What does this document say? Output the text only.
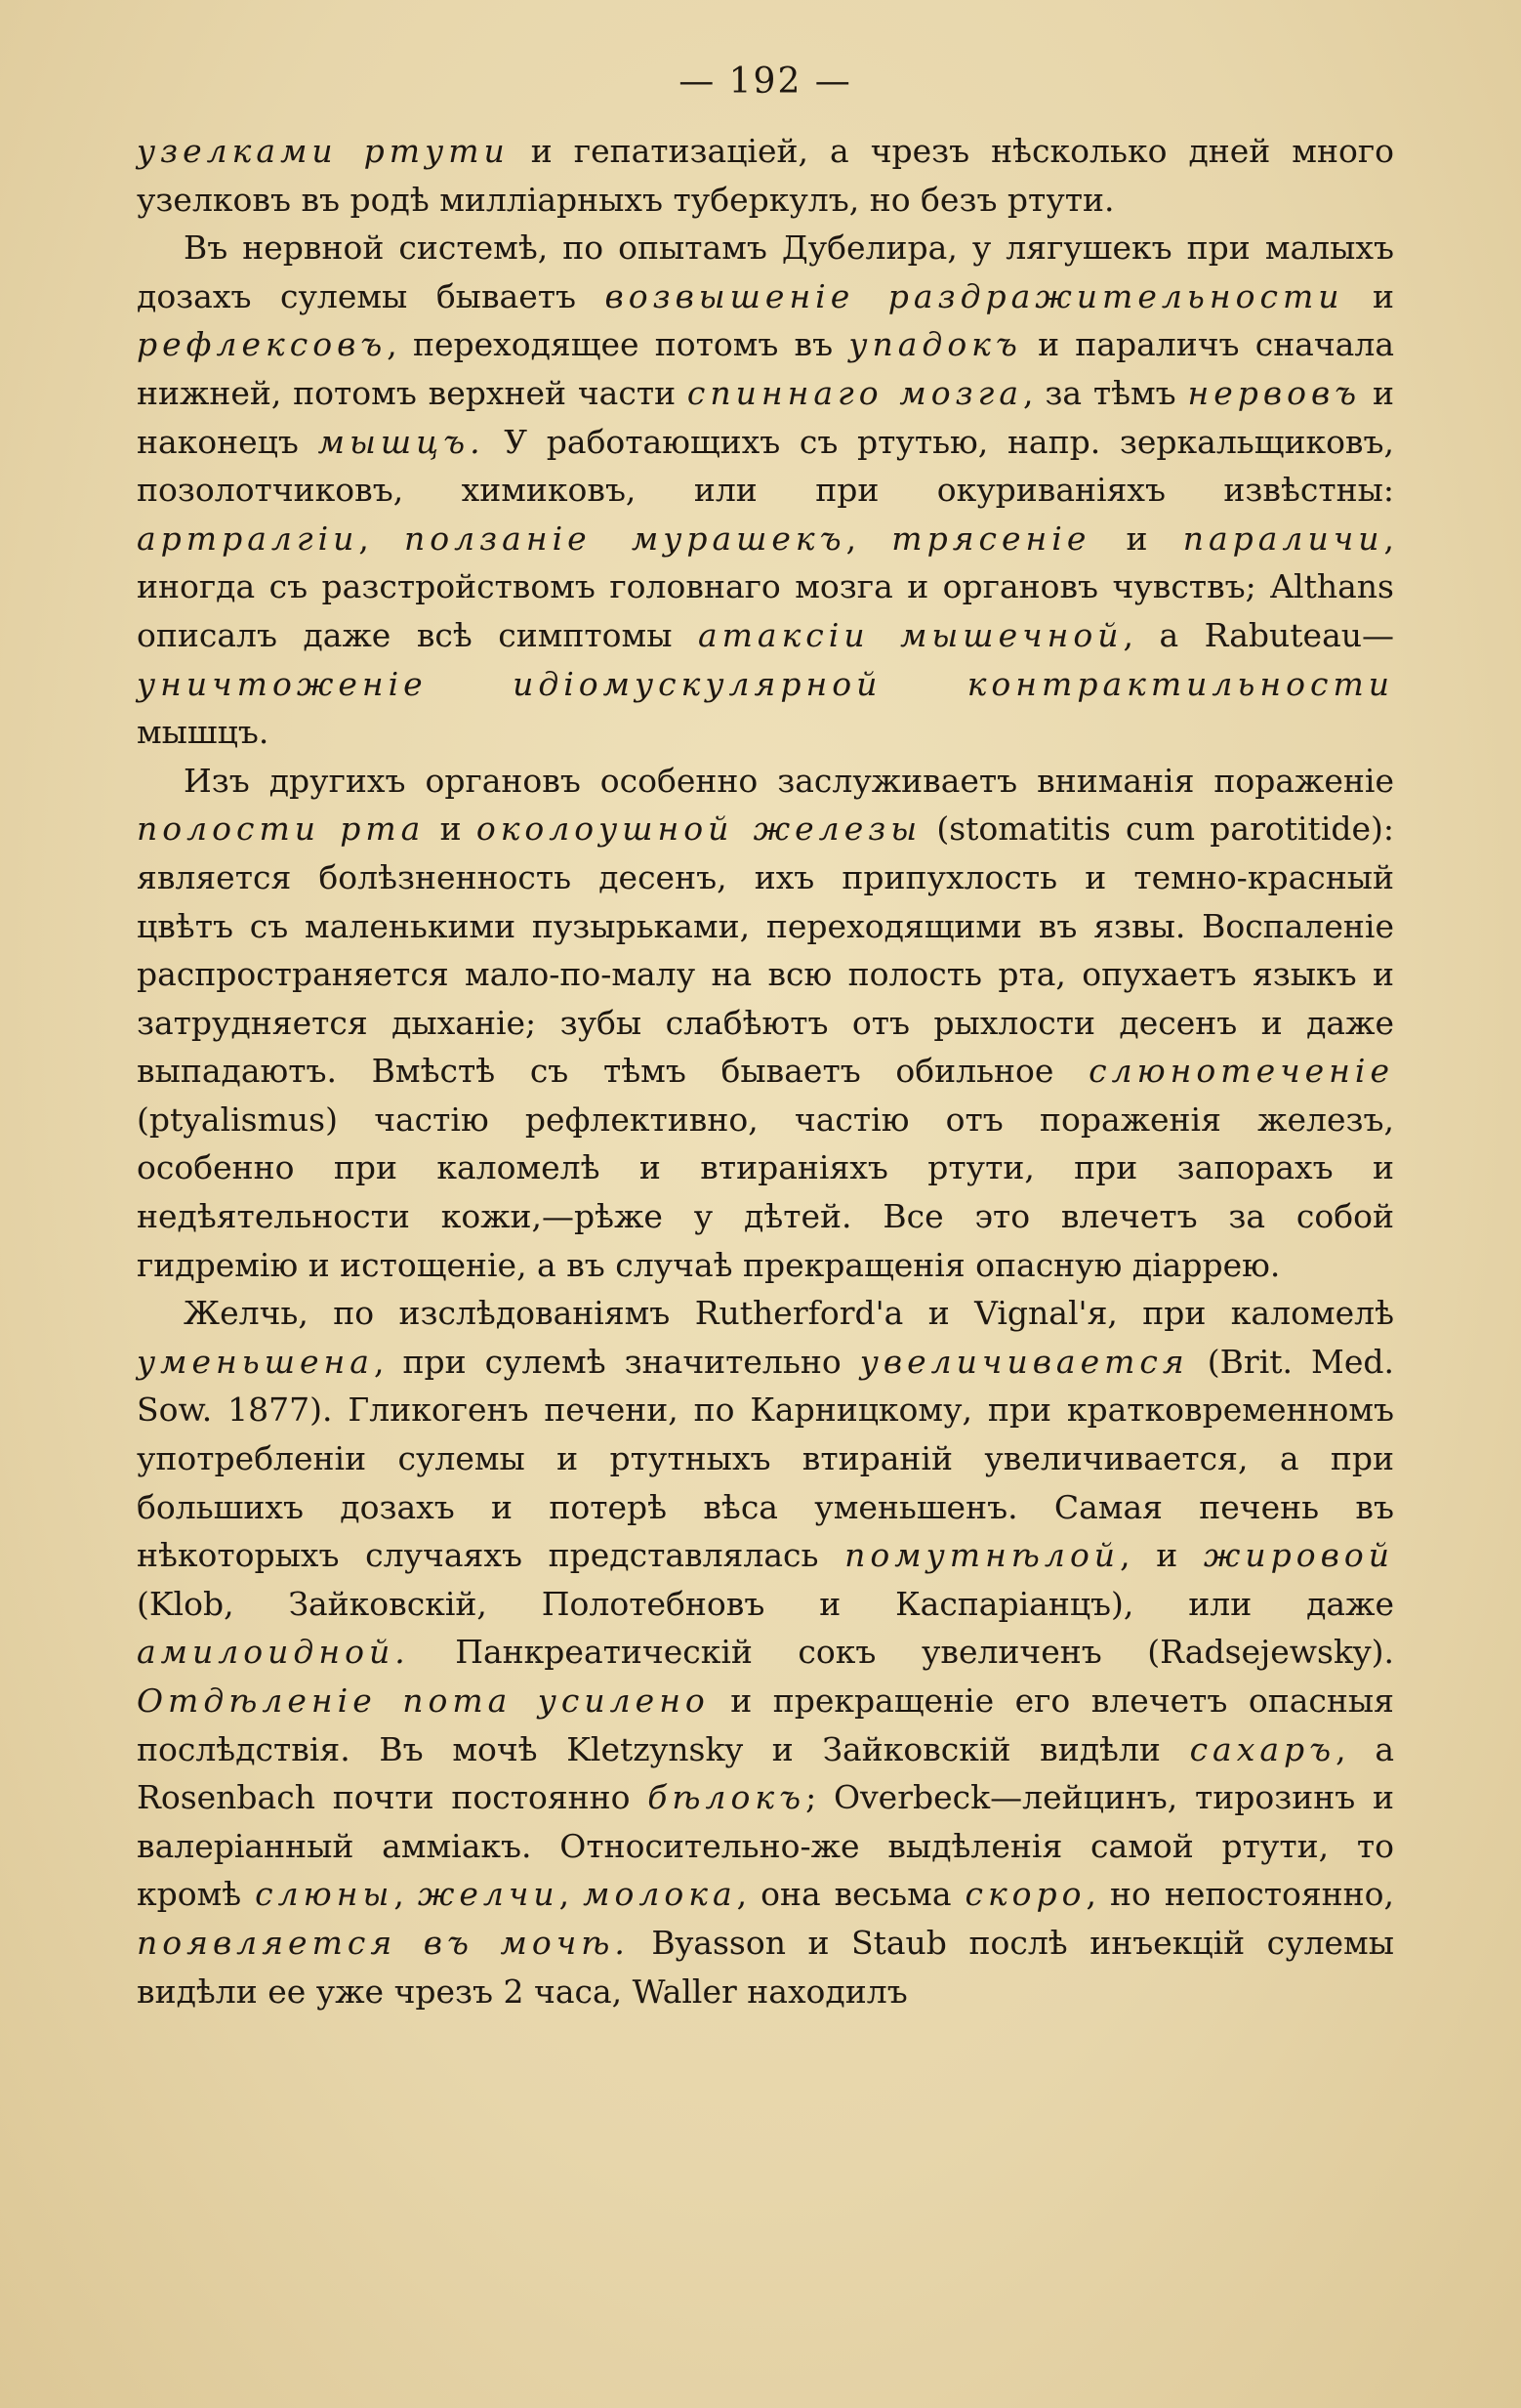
— 192 —

узелками ртути и гепатизаціей, а чрезъ нѣсколько дней много узелковъ въ родѣ милліарныхъ туберкулъ, но безъ ртути.

Въ нервной системѣ, по опытамъ Дубелира, у лягушекъ при малыхъ дозахъ сулемы бываетъ возвышеніе раздражительности и рефлексовъ, переходящее потомъ въ упадокъ и параличъ сначала нижней, потомъ верхней части спиннаго мозга, за тѣмъ нервовъ и наконецъ мышцъ. У работающихъ съ ртутью, напр. зеркальщиковъ, позолотчиковъ, химиковъ, или при окуриваніяхъ извѣстны: артралгіи, ползаніе мурашекъ, трясеніе и параличи, иногда съ разстройствомъ головнаго мозга и органовъ чувствъ; Althans описалъ даже всѣ симптомы атаксіи мышечной, а Rabuteau—уничтоженіе идіомускулярной контрактильности мышцъ.

Изъ другихъ органовъ особенно заслуживаетъ вниманія пораженіе полости рта и околоушной железы (stomatitis cum parotitide): является болѣзненность десенъ, ихъ припухлость и темно-красный цвѣтъ съ маленькими пузырьками, переходящими въ язвы. Воспаленіе распространяется мало-по-малу на всю полость рта, опухаетъ языкъ и затрудняется дыханіе; зубы слабѣютъ отъ рыхлости десенъ и даже выпадаютъ. Вмѣстѣ съ тѣмъ бываетъ обильное слюнотеченіе (ptyalismus) частію рефлективно, частію отъ пораженія железъ, особенно при каломелѣ и втираніяхъ ртути, при запорахъ и недѣятельности кожи,—рѣже у дѣтей. Все это влечетъ за собой гидремію и истощеніе, а въ случаѣ прекращенія опасную діаррею.

Желчь, по изслѣдованіямъ Rutherford'а и Vignal'я, при каломелѣ уменьшена, при сулемѣ значительно увеличивается (Brit. Med. Sow. 1877). Гликогенъ печени, по Карницкому, при кратковременномъ употребленіи сулемы и ртутныхъ втираній увеличивается, а при большихъ дозахъ и потерѣ вѣса уменьшенъ. Самая печень въ нѣкоторыхъ случаяхъ представлялась помутнѣлой, и жировой (Klob, Зайковскій, Полотебновъ и Каспаріанцъ), или даже амилоидной. Панкреатическій сокъ увеличенъ (Radsejewsky). Отдѣленіе пота усилено и прекращеніе его влечетъ опасныя послѣдствія. Въ мочѣ Kletzynsky и Зайковскій видѣли сахаръ, а Rosenbach почти постоянно бѣлокъ; Overbeck—лейцинъ, тирозинъ и валеріанный аммiакъ. Относительно-же выдѣленія самой ртути, то кромѣ слюны, желчи, молока, она весьма скоро, но непостоянно, появляется въ мочѣ. Byasson и Staub послѣ инъекцій сулемы видѣли ее уже чрезъ 2 часа, Waller находилъ
